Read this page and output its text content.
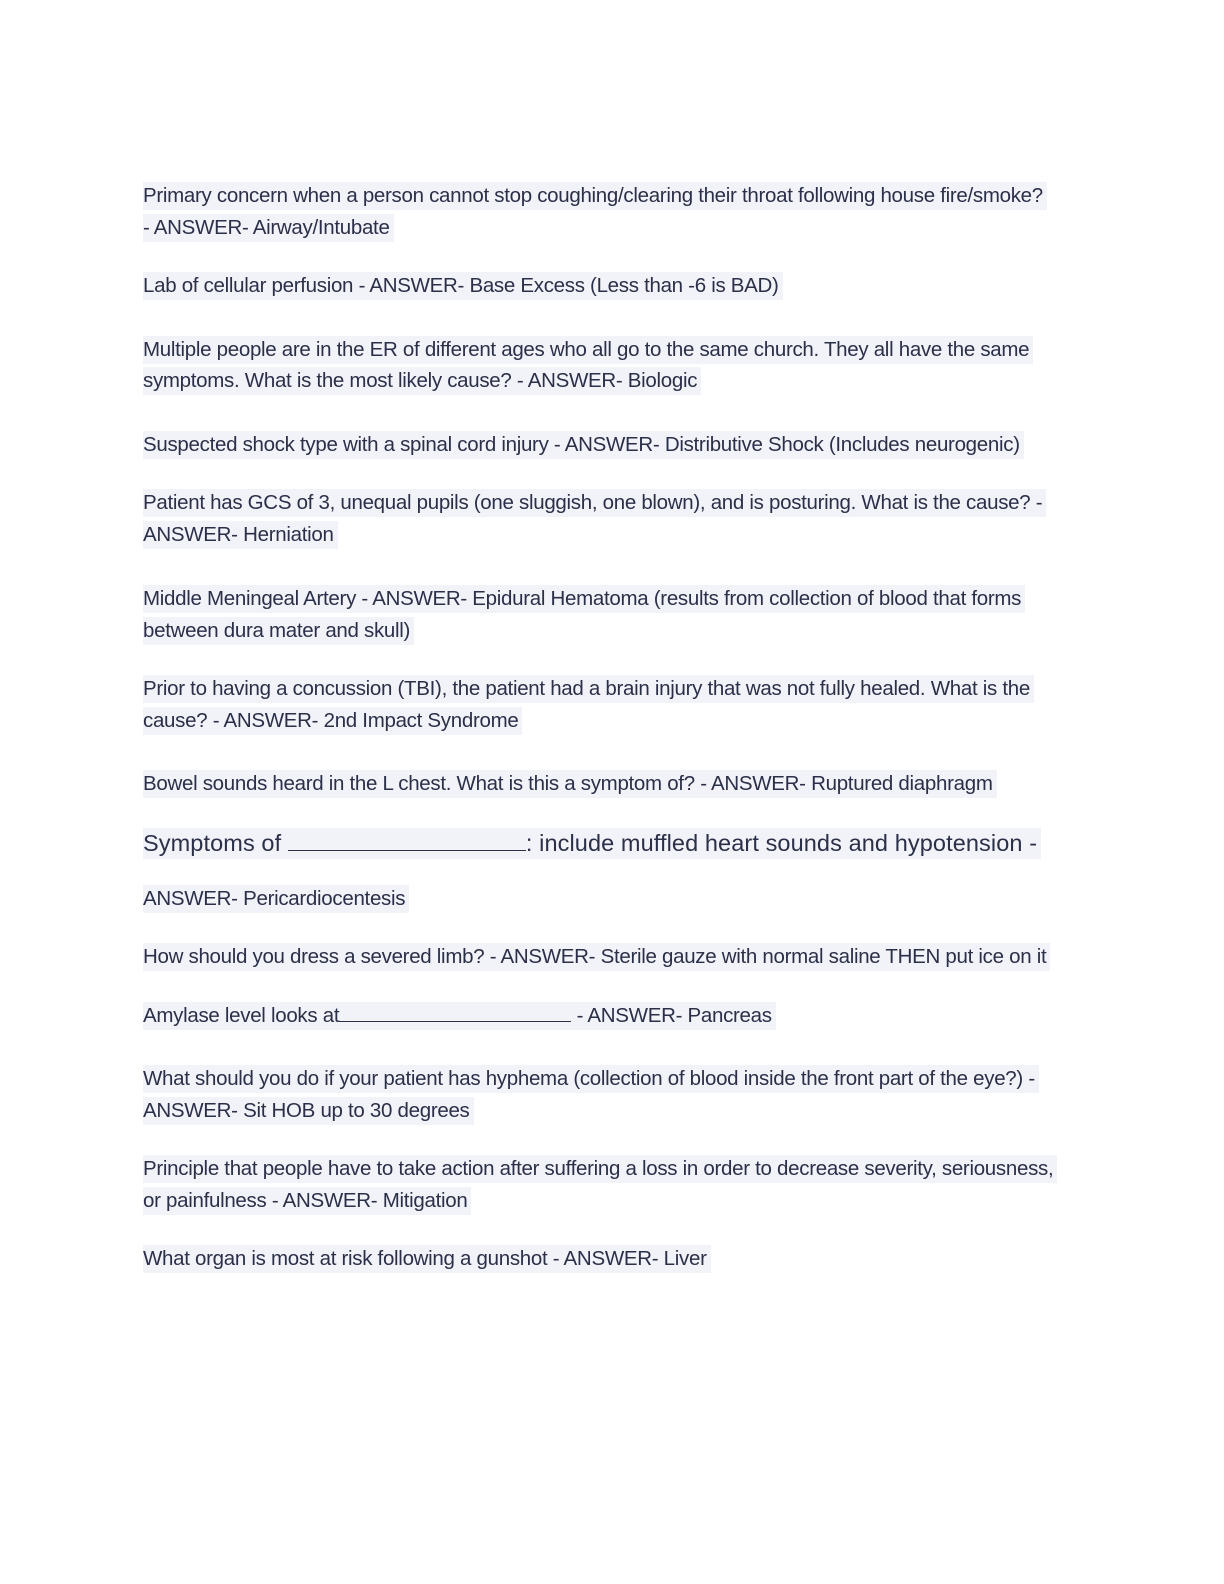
Primary concern when a person cannot stop coughing/clearing their throat following house fire/smoke?
- ANSWER- Airway/Intubate

Lab of cellular perfusion - ANSWER- Base Excess (Less than -6 is BAD)

Multiple people are in the ER of different ages who all go to the same church. They all have the same symptoms. What is the most likely cause? - ANSWER- Biologic

Suspected shock type with a spinal cord injury - ANSWER- Distributive Shock (Includes neurogenic)

Patient has GCS of 3, unequal pupils (one sluggish, one blown), and is posturing. What is the cause? - ANSWER- Herniation

Middle Meningeal Artery - ANSWER- Epidural Hematoma (results from collection of blood that forms between dura mater and skull)

Prior to having a concussion (TBI), the patient had a brain injury that was not fully healed. What is the cause? - ANSWER- 2nd Impact Syndrome

Bowel sounds heard in the L chest. What is this a symptom of? - ANSWER- Ruptured diaphragm

Symptoms of	: include muffled heart sounds and hypotension -

ANSWER- Pericardiocentesis

How should you dress a severed limb? - ANSWER- Sterile gauze with normal saline THEN put ice on it

Amylase level looks at	- ANSWER- Pancreas

What should you do if your patient has hyphema (collection of blood inside the front part of the eye?) - ANSWER- Sit HOB up to 30 degrees

Principle that people have to take action after suffering a loss in order to decrease severity, seriousness, or painfulness - ANSWER- Mitigation

What organ is most at risk following a gunshot - ANSWER- Liver
